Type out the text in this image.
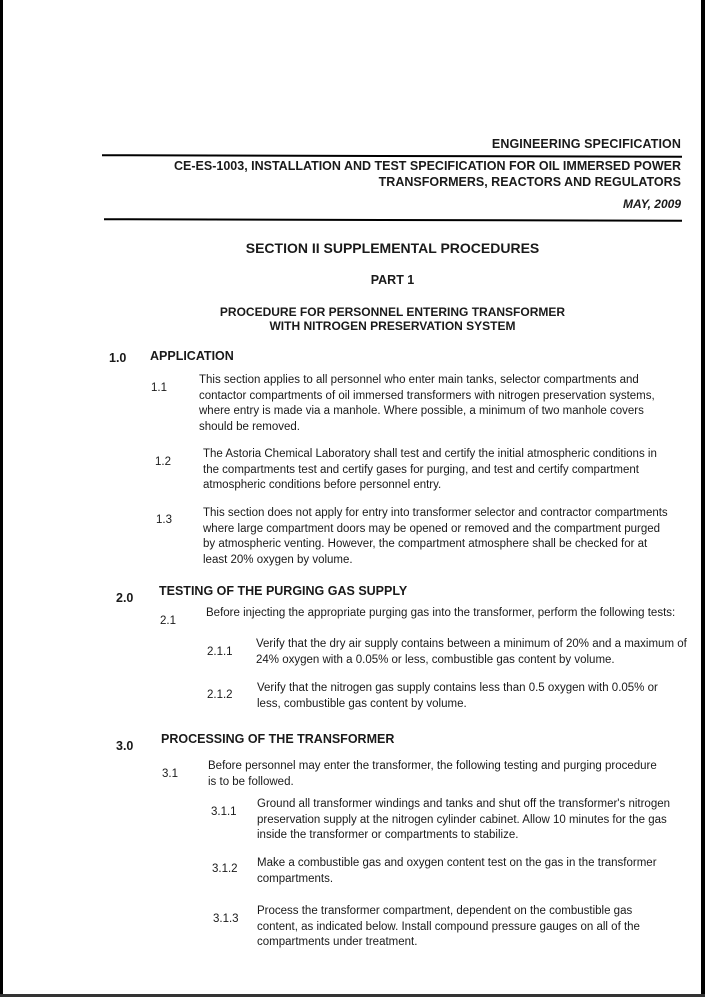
ENGINEERING SPECIFICATION
CE-ES-1003, INSTALLATION AND TEST SPECIFICATION FOR OIL IMMERSED POWER
TRANSFORMERS, REACTORS AND REGULATORS
MAY, 2009
SECTION II SUPPLEMENTAL PROCEDURES
PART 1
PROCEDURE FOR PERSONNEL ENTERING TRANSFORMER
WITH NITROGEN PRESERVATION SYSTEM
1.0 APPLICATION
1.1
This section applies to all personnel who enter main tanks, selector compartments and
contactor compartments of oil immersed transformers with nitrogen preservation systems,
where entry is made via a manhole. Where possible, a minimum of two manhole covers
should be removed.
1.2
The Astoria Chemical Laboratory shall test and certify the initial atmospheric conditions in
the compartments test and certify gases for purging, and test and certify compartment
atmospheric conditions before personnel entry.
1.3
This section does not apply for entry into transformer selector and contractor compartments
where large compartment doors may be opened or removed and the compartment purged
by atmospheric venting. However, the compartment atmosphere shall be checked for at
least 20% oxygen by volume.
2.0 TESTING OF THE PURGING GAS SUPPLY
2.1
Before injecting the appropriate purging gas into the transformer, perform the following tests:
2.1.1
Verify that the dry air supply contains between a minimum of 20% and a maximum of
24% oxygen with a 0.05% or less, combustible gas content by volume.
2.1.2
Verify that the nitrogen gas supply contains less than 0.5 oxygen with 0.05% or
less, combustible gas content by volume.
3.0 PROCESSING OF THE TRANSFORMER
3.1
Before personnel may enter the transformer, the following testing and purging procedure
is to be followed.
3.1.1
Ground all transformer windings and tanks and shut off the transformer's nitrogen
preservation supply at the nitrogen cylinder cabinet. Allow 10 minutes for the gas
inside the transformer or compartments to stabilize.
3.1.2 Make a combustible gas and oxygen content test on the gas in the transformer
compartments.
3.1.3
Process the transformer compartment, dependent on the combustible gas
content, as indicated below. Install compound pressure gauges on all of the
compartments under treatment.
